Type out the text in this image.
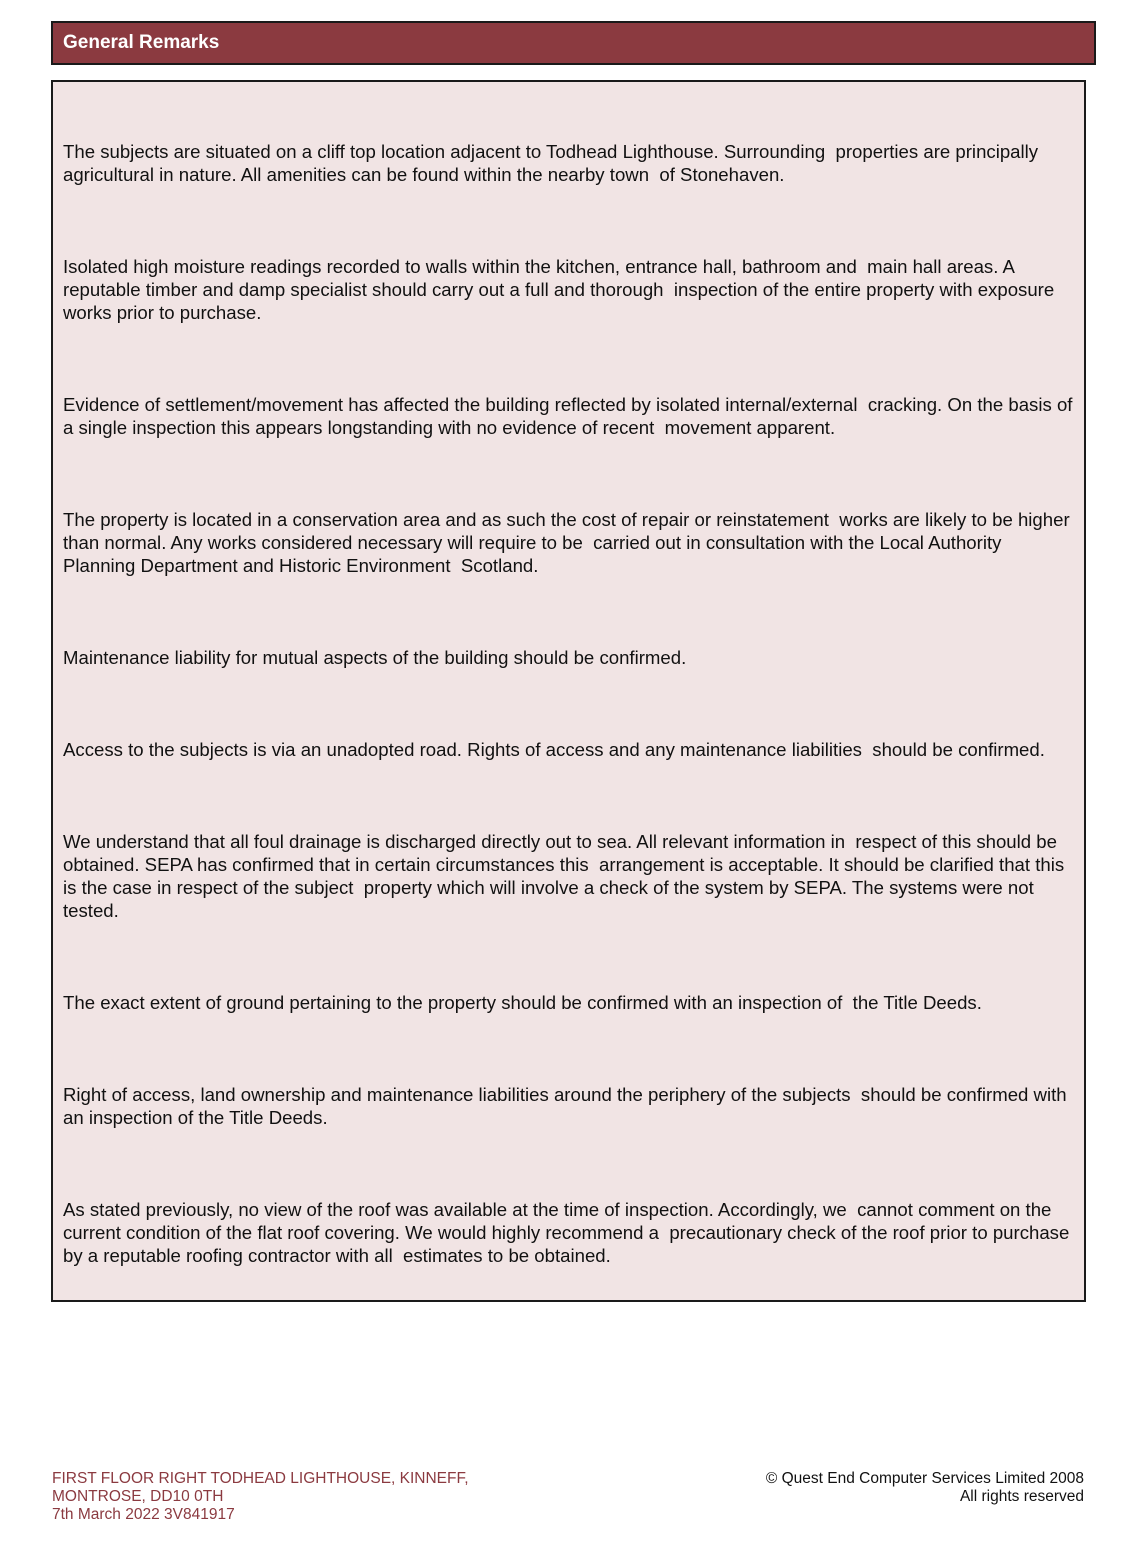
General Remarks

The subjects are situated on a cliff top location adjacent to Todhead Lighthouse. Surrounding  properties are principally agricultural in nature. All amenities can be found within the nearby town  of Stonehaven.

Isolated high moisture readings recorded to walls within the kitchen, entrance hall, bathroom and  main hall areas. A reputable timber and damp specialist should carry out a full and thorough  inspection of the entire property with exposure works prior to purchase.

Evidence of settlement/movement has affected the building reflected by isolated internal/external  cracking. On the basis of a single inspection this appears longstanding with no evidence of recent  movement apparent.

The property is located in a conservation area and as such the cost of repair or reinstatement  works are likely to be higher than normal. Any works considered necessary will require to be  carried out in consultation with the Local Authority Planning Department and Historic Environment  Scotland.

Maintenance liability for mutual aspects of the building should be confirmed.

Access to the subjects is via an unadopted road. Rights of access and any maintenance liabilities  should be confirmed.

We understand that all foul drainage is discharged directly out to sea. All relevant information in  respect of this should be obtained. SEPA has confirmed that in certain circumstances this  arrangement is acceptable. It should be clarified that this is the case in respect of the subject  property which will involve a check of the system by SEPA. The systems were not tested.

The exact extent of ground pertaining to the property should be confirmed with an inspection of  the Title Deeds.

Right of access, land ownership and maintenance liabilities around the periphery of the subjects  should be confirmed with an inspection of the Title Deeds.

As stated previously, no view of the roof was available at the time of inspection. Accordingly, we  cannot comment on the current condition of the flat roof covering. We would highly recommend a  precautionary check of the roof prior to purchase by a reputable roofing contractor with all  estimates to be obtained.

FIRST FLOOR RIGHT TODHEAD LIGHTHOUSE, KINNEFF,
MONTROSE, DD10 0TH
7th March 2022 3V841917
© Quest End Computer Services Limited 2008
All rights reserved
